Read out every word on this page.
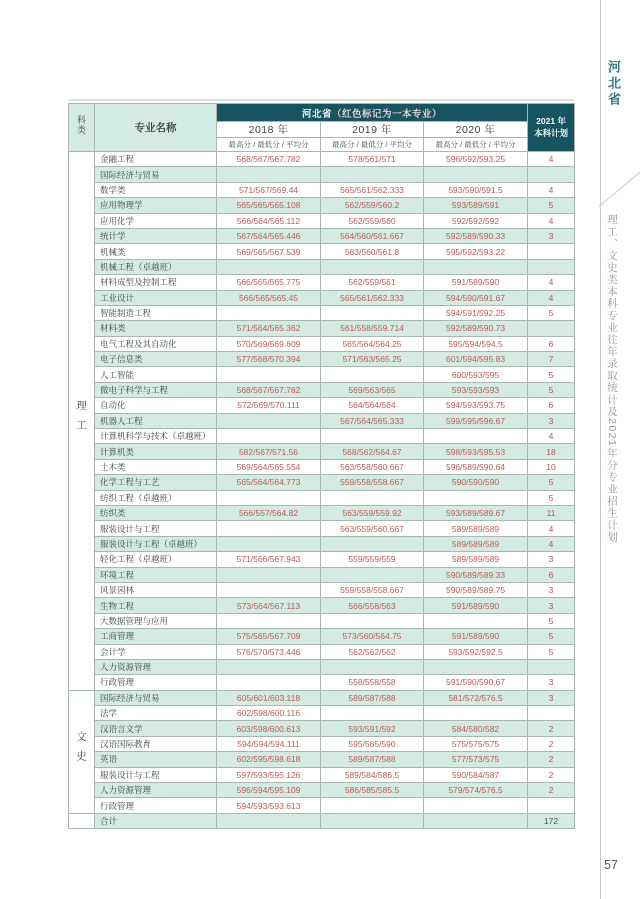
科类	专业名称	河北省（红色标记为一本专业）			2021 年
本科计划

		2018 年	2019 年	2020 年	
		最高分 / 最低分 / 平均分	最高分 / 最低分 / 平均分	最高分 / 最低分 / 平均分	
理工	金融工程	568/567/567.782	578/561/571	596/592/593.25	4
	国际经济与贸易				
	数学类	571/567/569.44	565/561/562.333	593/590/591.5	4
	应用物理学	565/565/565.108	562/559/560.2	593/589/591	5
	应用化学	566/564/565.112	562/559/560	592/592/592	4
	统计学	567/564/565.446	564/560/561.667	592/589/590.33	3
	机械类	569/565/567.539	563/560/561.8	595/592/593.22	
	机械工程（卓越班）				
	材料成型及控制工程	566/565/565.775	562/559/561	591/589/590	4
	工业设计	566/565/565.45	565/561/562.333	594/590/591.67	4
	智能制造工程			594/591/592.25	5
	材料类	571/564/565.362	561/558/559.714	592/589/590.73	
	电气工程及其自动化	570/569/569.609	565/564/564.25	595/594/594.5	6
	电子信息类	577/568/570.394	571/563/565.25	601/594/595.83	7
	人工智能			600/593/595	5
	微电子科学与工程	568/567/567.782	569/563/565	593/593/593	5
	自动化	572/569/570.111	564/564/564	594/593/593.75	6
	机器人工程		567/564/565.333	599/595/596.67	3
	计算机科学与技术（卓越班）				4
	计算机类	582/567/571.56	568/562/564.67	598/593/595.53	18
	土木类	569/564/565.554	563/558/560.667	596/589/590.64	10
	化学工程与工艺	565/564/564.773	559/558/558.667	590/590/590	5
	纺织工程（卓越班）				5
	纺织类	566/557/564.82	563/559/559.92	593/589/589.67	11
	服装设计与工程		563/559/560.667	589/589/589	4
	服装设计与工程（卓越班）			589/589/589	4
	轻化工程（卓越班）	571/566/567.943	559/559/559	589/589/589	3
	环境工程			590/589/589.33	6
	风景园林		559/558/558.667	590/589/589.75	3
	生物工程	573/564/567.113	566/558/563	591/589/590	3
	大数据管理与应用				5
	工商管理	575/565/567.709	573/560/564.75	591/589/590	5
	会计学	576/570/573.446	562/562/562	593/592/592.5	5
	人力资源管理				
	行政管理		558/558/558	591/590/590.67	3
文史	国际经济与贸易	605/601/603.118	589/587/588	581/572/576.5	3
	法学	602/598/600.116			
	汉语言文学	603/598/600.613	593/591/592	584/580/582	2
	汉语国际教育	594/594/594.111	595/585/590	575/575/575	2
	英语	602/595/598.618	589/587/588	577/573/575	2
	服装设计与工程	597/593/595.126	589/584/586.5	590/584/587	2
	人力资源管理	596/594/595.109	586/585/585.5	579/574/576.5	2
	行政管理	594/593/593.613			
	合计				172
河北省
理工、文史类本科专业往年录取统计及2021年分专业招生计划
57
